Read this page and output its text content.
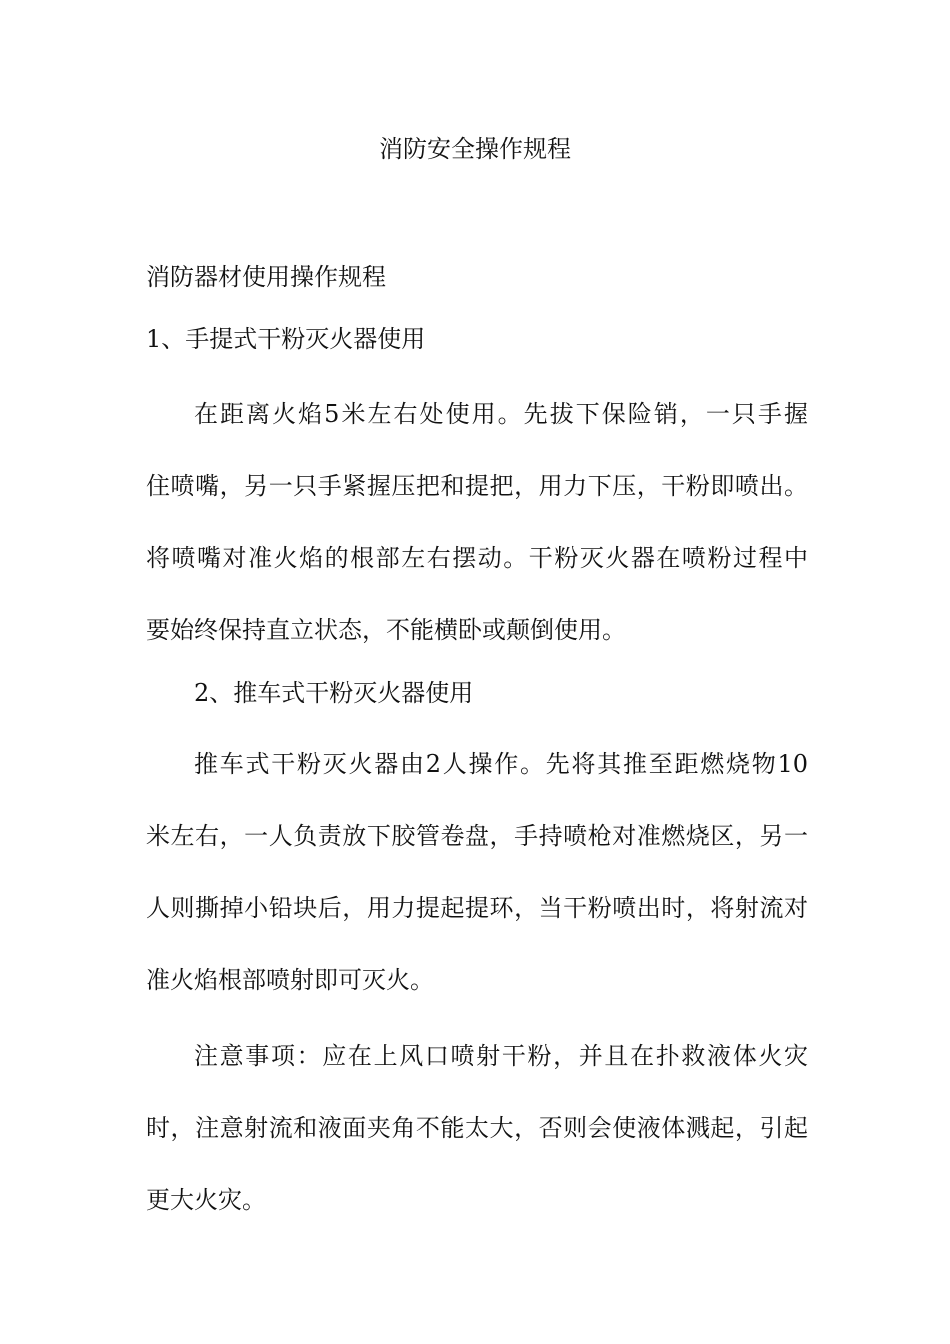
消防安全操作规程

消防器材使用操作规程

1、手提式干粉灭火器使用

在距离火焰5米左右处使用。先拔下保险销，一只手握

住喷嘴，另一只手紧握压把和提把，用力下压，干粉即喷出。

将喷嘴对准火焰的根部左右摆动。干粉灭火器在喷粉过程中

要始终保持直立状态，不能横卧或颠倒使用。

2、推车式干粉灭火器使用

推车式干粉灭火器由2人操作。先将其推至距燃烧物10

米左右，一人负责放下胶管卷盘，手持喷枪对准燃烧区，另一

人则撕掉小铅块后，用力提起提环，当干粉喷出时，将射流对

准火焰根部喷射即可灭火。

注意事项：应在上风口喷射干粉，并且在扑救液体火灾

时，注意射流和液面夹角不能太大，否则会使液体溅起，引起

更大火灾。
